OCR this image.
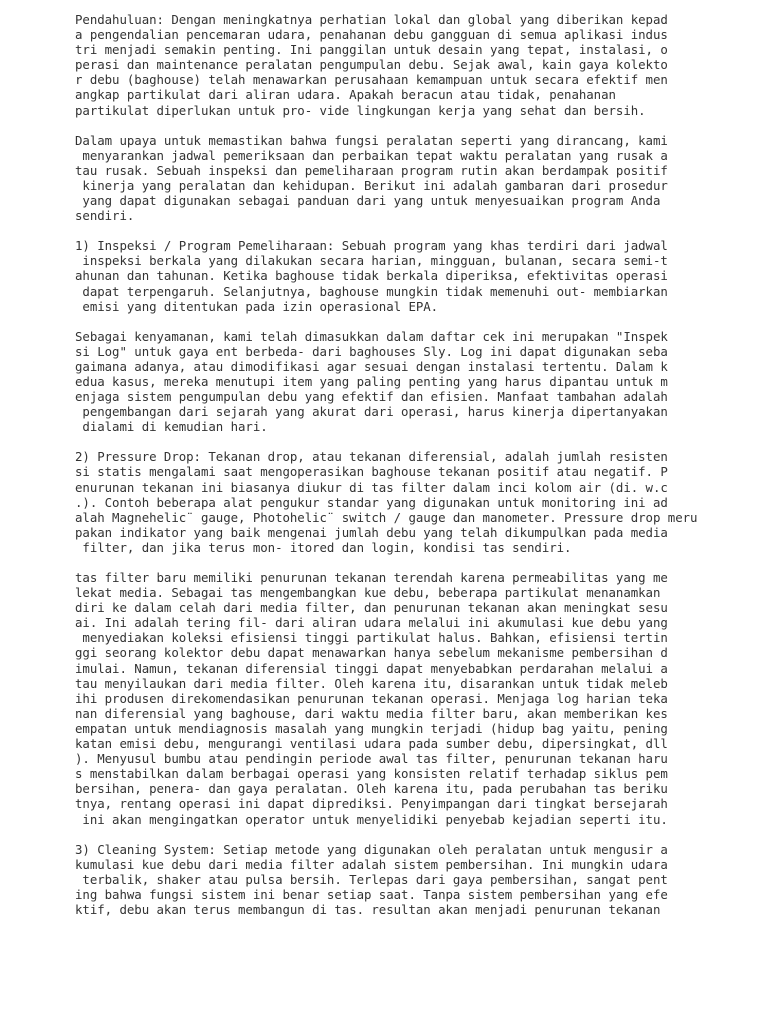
Pendahuluan: Dengan meningkatnya perhatian lokal dan global yang diberikan kepad
a pengendalian pencemaran udara, penahanan debu gangguan di semua aplikasi indus
tri menjadi semakin penting. Ini panggilan untuk desain yang tepat, instalasi, o
perasi dan maintenance peralatan pengumpulan debu. Sejak awal, kain gaya kolekto
r debu (baghouse) telah menawarkan perusahaan kemampuan untuk secara efektif men
angkap partikulat dari aliran udara. Apakah beracun atau tidak, penahanan
partikulat diperlukan untuk pro- vide lingkungan kerja yang sehat dan bersih.
Dalam upaya untuk memastikan bahwa fungsi peralatan seperti yang dirancang, kami
menyarankan jadwal pemeriksaan dan perbaikan tepat waktu peralatan yang rusak a
tau rusak. Sebuah inspeksi dan pemeliharaan program rutin akan berdampak positif
kinerja yang peralatan dan kehidupan. Berikut ini adalah gambaran dari prosedur
yang dapat digunakan sebagai panduan dari yang untuk menyesuaikan program Anda
sendiri.
1) Inspeksi / Program Pemeliharaan: Sebuah program yang khas terdiri dari jadwal
inspeksi berkala yang dilakukan secara harian, mingguan, bulanan, secara semi-t
ahunan dan tahunan. Ketika baghouse tidak berkala diperiksa, efektivitas operasi
dapat terpengaruh. Selanjutnya, baghouse mungkin tidak memenuhi out- membiarkan
emisi yang ditentukan pada izin operasional EPA.
Sebagai kenyamanan, kami telah dimasukkan dalam daftar cek ini merupakan "Inspek
si Log" untuk gaya ent berbeda- dari baghouses Sly. Log ini dapat digunakan seba
gaimana adanya, atau dimodifikasi agar sesuai dengan instalasi tertentu. Dalam k
edua kasus, mereka menutupi item yang paling penting yang harus dipantau untuk m
enjaga sistem pengumpulan debu yang efektif dan efisien. Manfaat tambahan adalah
pengembangan dari sejarah yang akurat dari operasi, harus kinerja dipertanyakan
dialami di kemudian hari.
2) Pressure Drop: Tekanan drop, atau tekanan diferensial, adalah jumlah resisten
si statis mengalami saat mengoperasikan baghouse tekanan positif atau negatif. P
enurunan tekanan ini biasanya diukur di tas filter dalam inci kolom air (di. w.c
.). Contoh beberapa alat pengukur standar yang digunakan untuk monitoring ini ad
alah Magnehelic¨ gauge, Photohelic¨ switch / gauge dan manometer. Pressure drop meru
pakan indikator yang baik mengenai jumlah debu yang telah dikumpulkan pada media
filter, dan jika terus mon- itored dan login, kondisi tas sendiri.
tas filter baru memiliki penurunan tekanan terendah karena permeabilitas yang me
lekat media. Sebagai tas mengembangkan kue debu, beberapa partikulat menanamkan
diri ke dalam celah dari media filter, dan penurunan tekanan akan meningkat sesu
ai. Ini adalah tering fil- dari aliran udara melalui ini akumulasi kue debu yang
menyediakan koleksi efisiensi tinggi partikulat halus. Bahkan, efisiensi tertin
ggi seorang kolektor debu dapat menawarkan hanya sebelum mekanisme pembersihan d
imulai. Namun, tekanan diferensial tinggi dapat menyebabkan perdarahan melalui a
tau menyilaukan dari media filter. Oleh karena itu, disarankan untuk tidak meleb
ihi produsen direkomendasikan penurunan tekanan operasi. Menjaga log harian teka
nan diferensial yang baghouse, dari waktu media filter baru, akan memberikan kes
empatan untuk mendiagnosis masalah yang mungkin terjadi (hidup bag yaitu, pening
katan emisi debu, mengurangi ventilasi udara pada sumber debu, dipersingkat, dll
). Menyusul bumbu atau pendingin periode awal tas filter, penurunan tekanan haru
s menstabilkan dalam berbagai operasi yang konsisten relatif terhadap siklus pem
bersihan, penera- dan gaya peralatan. Oleh karena itu, pada perubahan tas beriku
tnya, rentang operasi ini dapat diprediksi. Penyimpangan dari tingkat bersejarah
ini akan mengingatkan operator untuk menyelidiki penyebab kejadian seperti itu.
3) Cleaning System: Setiap metode yang digunakan oleh peralatan untuk mengusir a
kumulasi kue debu dari media filter adalah sistem pembersihan. Ini mungkin udara
terbalik, shaker atau pulsa bersih. Terlepas dari gaya pembersihan, sangat pent
ing bahwa fungsi sistem ini benar setiap saat. Tanpa sistem pembersihan yang efe
ktif, debu akan terus membangun di tas. resultan akan menjadi penurunan tekanan
